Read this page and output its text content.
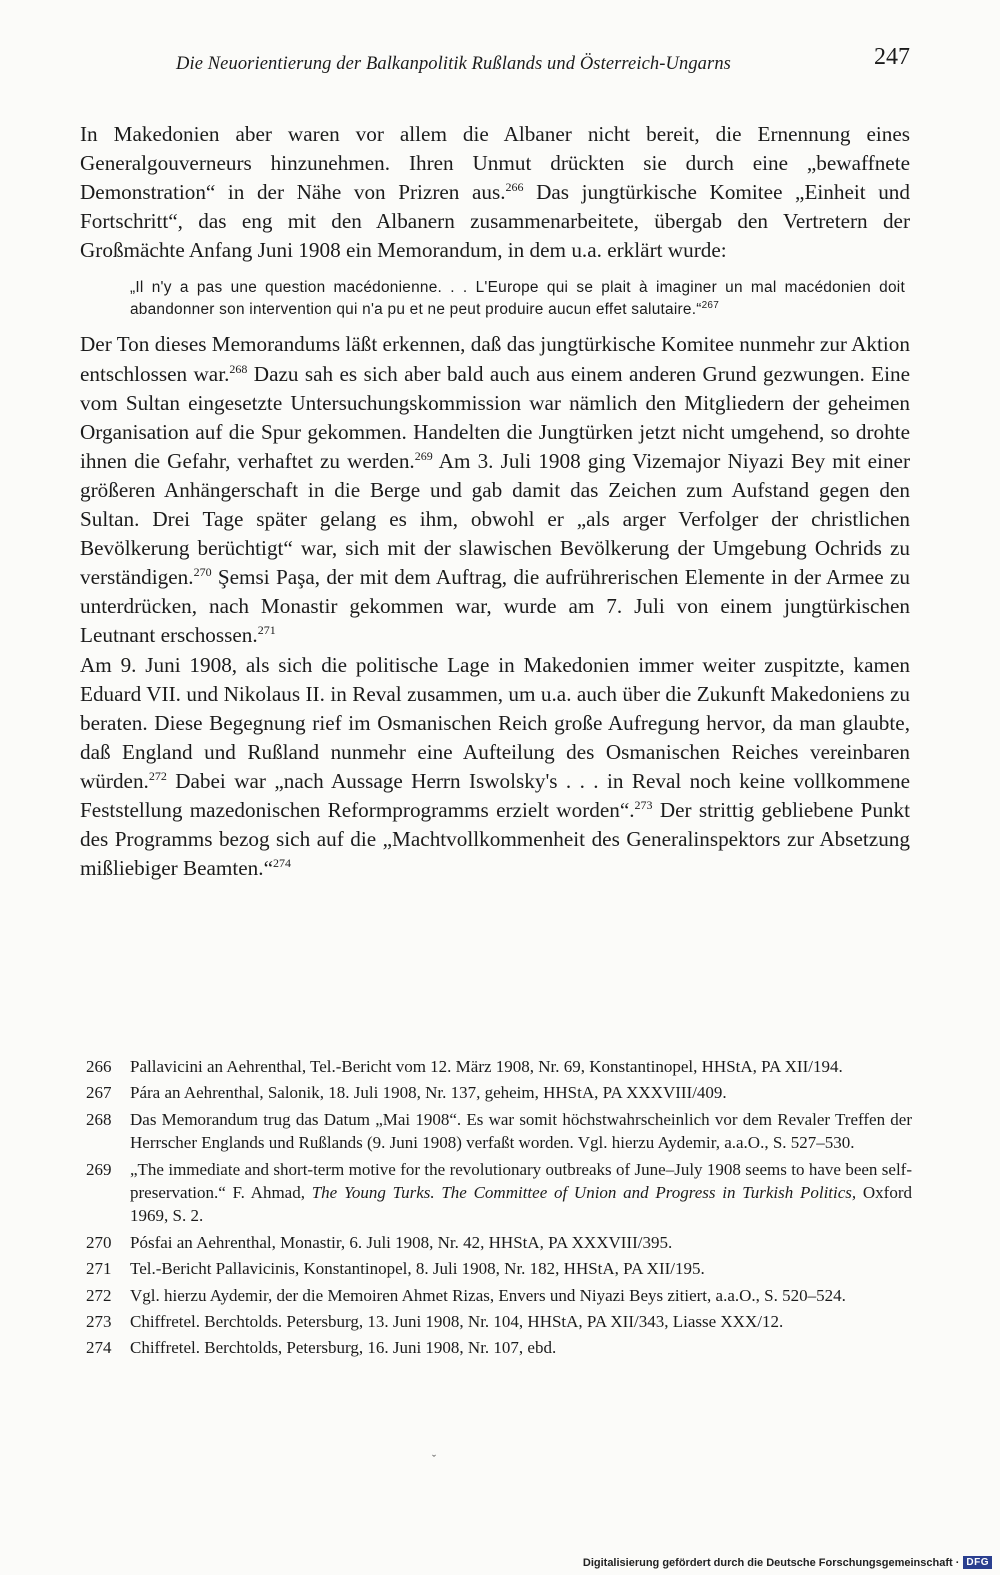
Die Neuorientierung der Balkanpolitik Rußlands und Österreich-Ungarns	247

In Makedonien aber waren vor allem die Albaner nicht bereit, die Ernennung eines Generalgouverneurs hinzunehmen. Ihren Unmut drückten sie durch eine „bewaffnete Demonstration“ in der Nähe von Prizren aus.$^{266}$ Das jungtürkische Komitee „Einheit und Fortschritt“, das eng mit den Albanern zusammenarbeitete, übergab den Vertretern der Großmächte Anfang Juni 1908 ein Memorandum, in dem u.a. erklärt wurde:

„Il n'y a pas une question macédonienne. . . L'Europe qui se plait à imaginer un mal macédonien doit abandonner son intervention qui n'a pu et ne peut produire aucun effet salutaire.“$^{267}$

Der Ton dieses Memorandums läßt erkennen, daß das jungtürkische Komitee nunmehr zur Aktion entschlossen war.$^{268}$ Dazu sah es sich aber bald auch aus einem anderen Grund gezwungen. Eine vom Sultan eingesetzte Untersuchungskommission war nämlich den Mitgliedern der geheimen Organisation auf die Spur gekommen. Handelten die Jungtürken jetzt nicht umgehend, so drohte ihnen die Gefahr, verhaftet zu werden.$^{269}$ Am 3. Juli 1908 ging Vizemajor Niyazi Bey mit einer größeren Anhängerschaft in die Berge und gab damit das Zeichen zum Aufstand gegen den Sultan. Drei Tage später gelang es ihm, obwohl er „als arger Verfolger der christlichen Bevölkerung berüchtigt“ war, sich mit der slawischen Bevölkerung der Umgebung Ochrids zu verständigen.$^{270}$ Şemsi Paşa, der mit dem Auftrag, die aufrührerischen Elemente in der Armee zu unterdrücken, nach Monastir gekommen war, wurde am 7. Juli von einem jungtürkischen Leutnant erschossen.$^{271}$

Am 9. Juni 1908, als sich die politische Lage in Makedonien immer weiter zuspitzte, kamen Eduard VII. und Nikolaus II. in Reval zusammen, um u.a. auch über die Zukunft Makedoniens zu beraten. Diese Begegnung rief im Osmanischen Reich große Aufregung hervor, da man glaubte, daß England und Rußland nunmehr eine Aufteilung des Osmanischen Reiches vereinbaren würden.$^{272}$ Dabei war „nach Aussage Herrn Iswolsky's . . . in Reval noch keine vollkommene Feststellung mazedonischen Reformprogramms erzielt worden“.$^{273}$ Der strittig gebliebene Punkt des Programms bezog sich auf die „Machtvollkommenheit des Generalinspektors zur Absetzung mißliebiger Beamten.“$^{274}$

266	Pallavicini an Aehrenthal, Tel.-Bericht vom 12. März 1908, Nr. 69, Konstantinopel, HHStA, PA XII/194.
267	Pára an Aehrenthal, Salonik, 18. Juli 1908, Nr. 137, geheim, HHStA, PA XXXVIII/409.
268	Das Memorandum trug das Datum „Mai 1908“. Es war somit höchstwahrscheinlich vor dem Revaler Treffen der Herrscher Englands und Rußlands (9. Juni 1908) verfaßt worden. Vgl. hierzu Aydemir, a.a.O., S. 527–530.
269	„The immediate and short-term motive for the revolutionary outbreaks of June–July 1908 seems to have been self-preservation.“ F. Ahmad, The Young Turks. The Committee of Union and Progress in Turkish Politics, Oxford 1969, S. 2.
270	Pósfai an Aehrenthal, Monastir, 6. Juli 1908, Nr. 42, HHStA, PA XXXVIII/395.
271	Tel.-Bericht Pallavicinis, Konstantinopel, 8. Juli 1908, Nr. 182, HHStA, PA XII/195.
272	Vgl. hierzu Aydemir, der die Memoiren Ahmet Rizas, Envers und Niyazi Beys zitiert, a.a.O., S. 520–524.
273	Chiffretel. Berchtolds. Petersburg, 13. Juni 1908, Nr. 104, HHStA, PA XII/343, Liasse XXX/12.
274	Chiffretel. Berchtolds, Petersburg, 16. Juni 1908, Nr. 107, ebd.
ˇ
Digitalisierung gefördert durch die Deutsche Forschungsgemeinschaft · DFG
